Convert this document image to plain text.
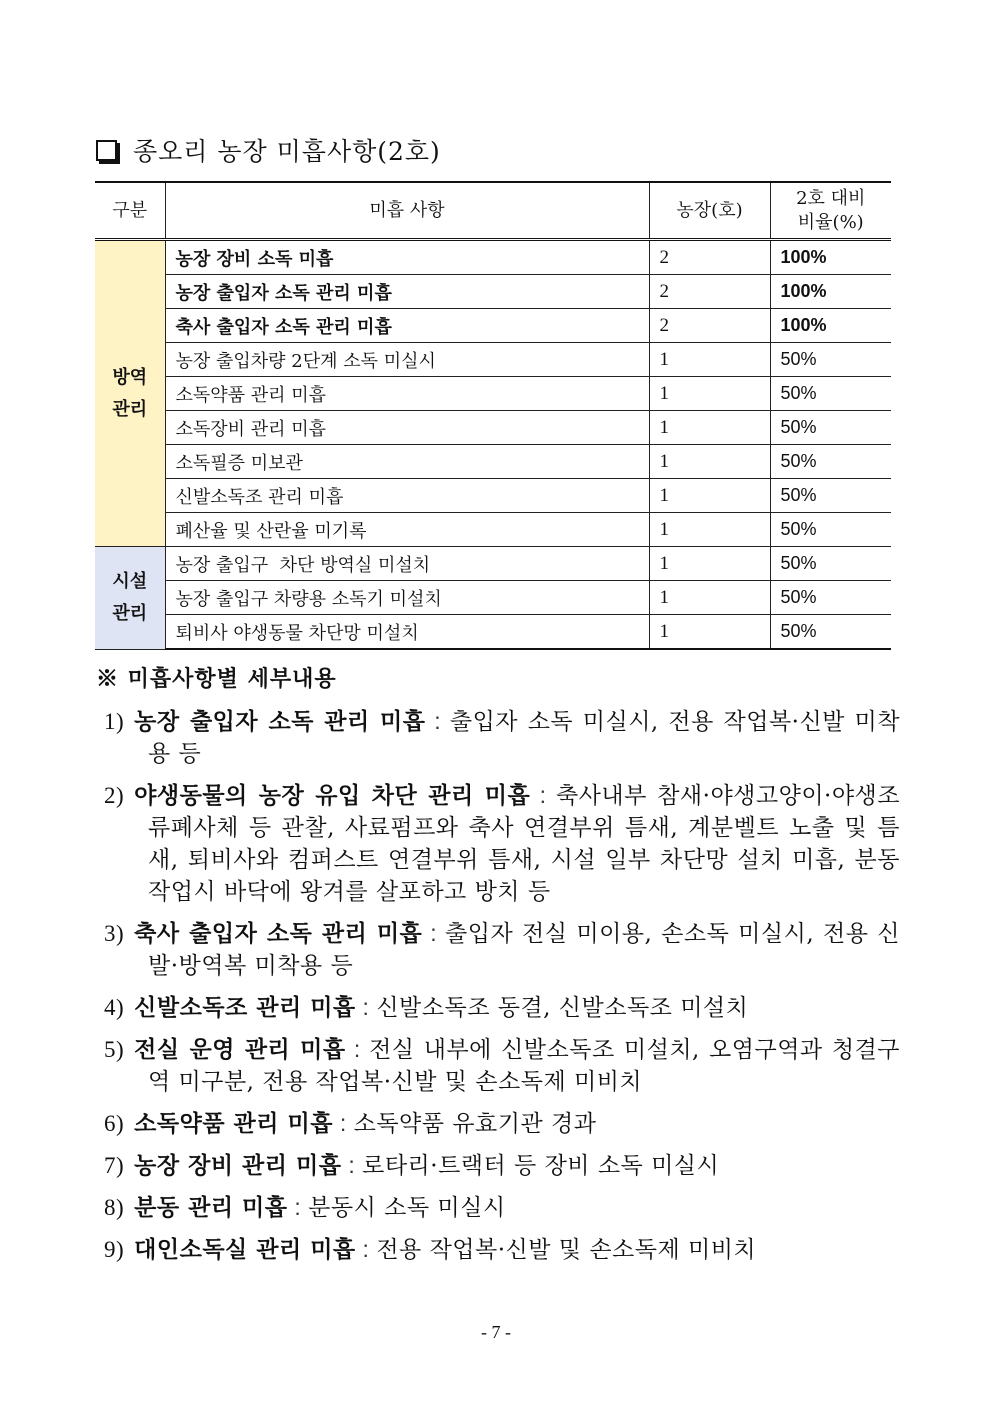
종오리 농장 미흡사항(2호)
구분	미흡 사항	농장(호)	2호 대비
비율(%)
방역
관리	농장 장비 소독 미흡	2	100%
	농장 출입자 소독 관리 미흡	2	100%
	축사 출입자 소독 관리 미흡	2	100%
	농장 출입차량 2단계 소독 미실시	1	50%
	소독약품 관리 미흡	1	50%
	소독장비 관리 미흡	1	50%
	소독필증 미보관	1	50%
	신발소독조 관리 미흡	1	50%
	폐산율 및 산란율 미기록	1	50%
시설
관리	농장 출입구  차단 방역실 미설치	1	50%
	농장 출입구 차량용 소독기 미설치	1	50%
	퇴비사 야생동물 차단망 미설치	1	50%
※ 미흡사항별 세부내용
1) 농장 출입자 소독 관리 미흡 : 출입자 소독 미실시, 전용 작업복·신발 미착용 등
2) 야생동물의 농장 유입 차단 관리 미흡 : 축사내부 참새·야생고양이·야생조류폐사체 등 관찰, 사료펌프와 축사 연결부위 틈새, 계분벨트 노출 및 틈새, 퇴비사와 컴퍼스트 연결부위 틈새, 시설 일부 차단망 설치 미흡, 분동 작업시 바닥에 왕겨를 살포하고 방치 등
3) 축사 출입자 소독 관리 미흡 : 출입자 전실 미이용, 손소독 미실시, 전용 신발·방역복 미착용 등
4) 신발소독조 관리 미흡 : 신발소독조 동결, 신발소독조 미설치
5) 전실 운영 관리 미흡 : 전실 내부에 신발소독조 미설치, 오염구역과 청결구역 미구분, 전용 작업복·신발 및 손소독제 미비치
6) 소독약품 관리 미흡 : 소독약품 유효기관 경과
7) 농장 장비 관리 미흡 : 로타리·트랙터 등 장비 소독 미실시
8) 분동 관리 미흡 : 분동시 소독 미실시
9) 대인소독실 관리 미흡 : 전용 작업복·신발 및 손소독제 미비치
- 7 -
